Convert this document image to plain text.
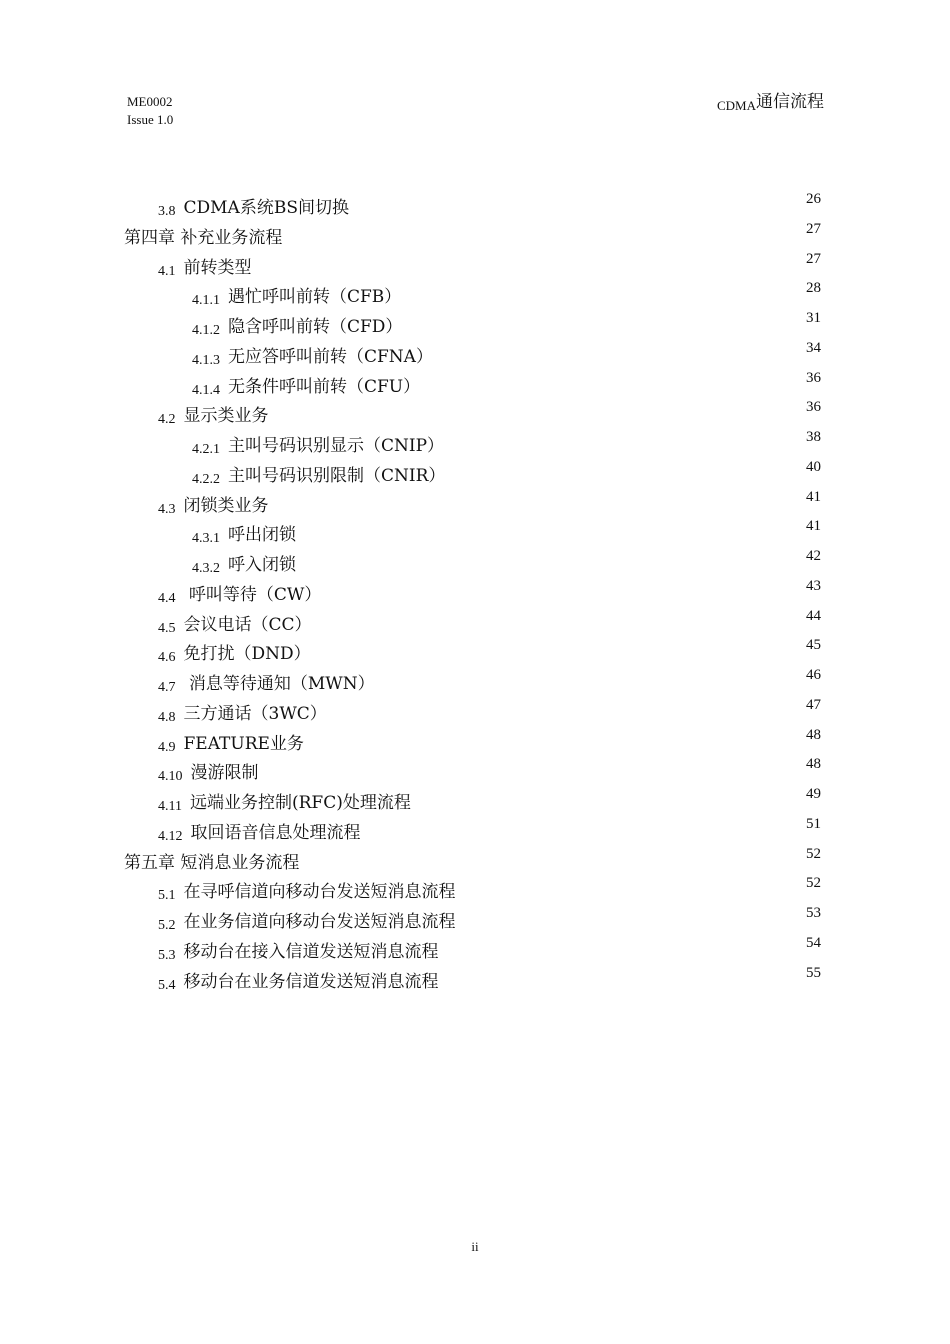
ME0002
Issue 1.0
$_{CDMA}$通信流程
3.8 CDMA系统BS间切换	26
第四章 补充业务流程	27
4.1 前转类型	27
4.1.1 遇忙呼叫前转（CFB）	28
4.1.2 隐含呼叫前转（CFD）	31
4.1.3 无应答呼叫前转（CFNA）	34
4.1.4 无条件呼叫前转（CFU）	36
4.2 显示类业务	36
4.2.1 主叫号码识别显示（CNIP）	38
4.2.2 主叫号码识别限制（CNIR）	40
4.3 闭锁类业务	41
4.3.1 呼出闭锁	41
4.3.2 呼入闭锁	42
4.4 呼叫等待（CW）	43
4.5 会议电话（CC）	44
4.6 免打扰（DND）	45
4.7 消息等待通知（MWN）	46
4.8 三方通话（3WC）	47
4.9 FEATURE业务	48
4.10 漫游限制	48
4.11 远端业务控制(RFC)处理流程	49
4.12 取回语音信息处理流程	51
第五章 短消息业务流程	52
5.1 在寻呼信道向移动台发送短消息流程	52
5.2 在业务信道向移动台发送短消息流程	53
5.3 移动台在接入信道发送短消息流程	54
5.4 移动台在业务信道发送短消息流程	55
ii
